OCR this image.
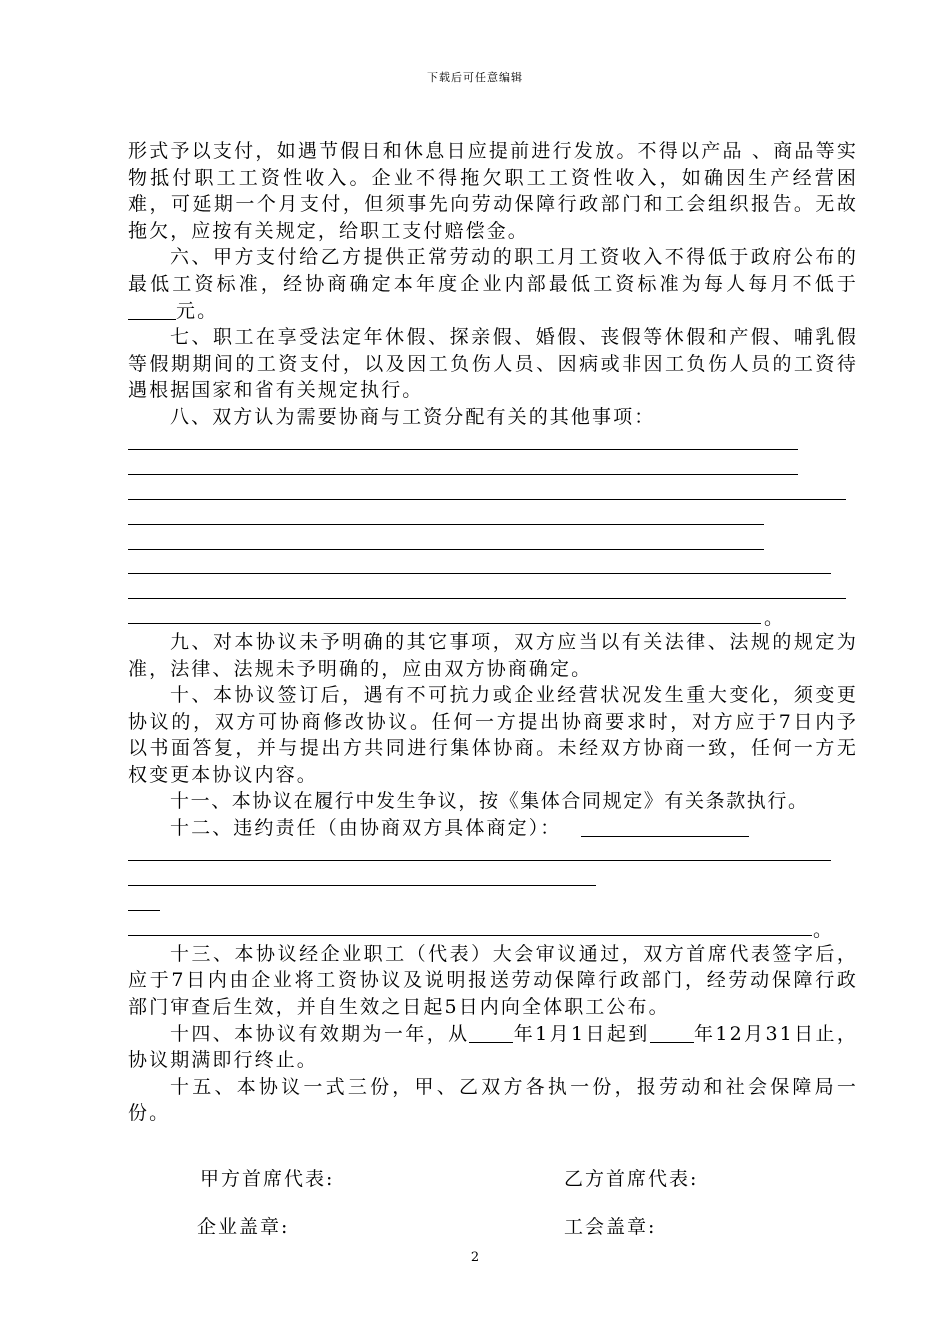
下载后可任意编辑

形式予以支付，如遇节假日和休息日应提前进行发放。不得以产品 、商品等实物抵付职工工资性收入。企业不得拖欠职工工资性收入，如确因生产经营困难，可延期一个月支付，但须事先向劳动保障行政部门和工会组织报告。无故拖欠，应按有关规定，给职工支付赔偿金。

六、甲方支付给乙方提供正常劳动的职工月工资收入不得低于政府公布的最低工资标准，经协商确定本年度企业内部最低工资标准为每人每月不低于元。

七、职工在享受法定年休假、探亲假、婚假、丧假等休假和产假、哺乳假等假期期间的工资支付，以及因工负伤人员、因病或非因工负伤人员的工资待遇根据国家和省有关规定执行。

八、双方认为需要协商与工资分配有关的其他事项：

。

九、对本协议未予明确的其它事项，双方应当以有关法律、法规的规定为准，法律、法规未予明确的，应由双方协商确定。

十、本协议签订后，遇有不可抗力或企业经营状况发生重大变化，须变更协议的，双方可协商修改协议。任何一方提出协商要求时，对方应于7日内予以书面答复，并与提出方共同进行集体协商。未经双方协商一致，任何一方无权变更本协议内容。

十一、本协议在履行中发生争议，按《集体合同规定》有关条款执行。

十二、违约责任（由协商双方具体商定）：

。

十三、本协议经企业职工（代表）大会审议通过，双方首席代表签字后，应于7日内由企业将工资协议及说明报送劳动保障行政部门，经劳动保障行政部门审查后生效，并自生效之日起5日内向全体职工公布。

十四、本协议有效期为一年，从 年1月1日起到 年12月31日止，协议期满即行终止。

十五、本协议一式三份，甲、乙双方各执一份，报劳动和社会保障局一份。

甲方首席代表:	乙方首席代表:
企业盖章:	工会盖章:
2
